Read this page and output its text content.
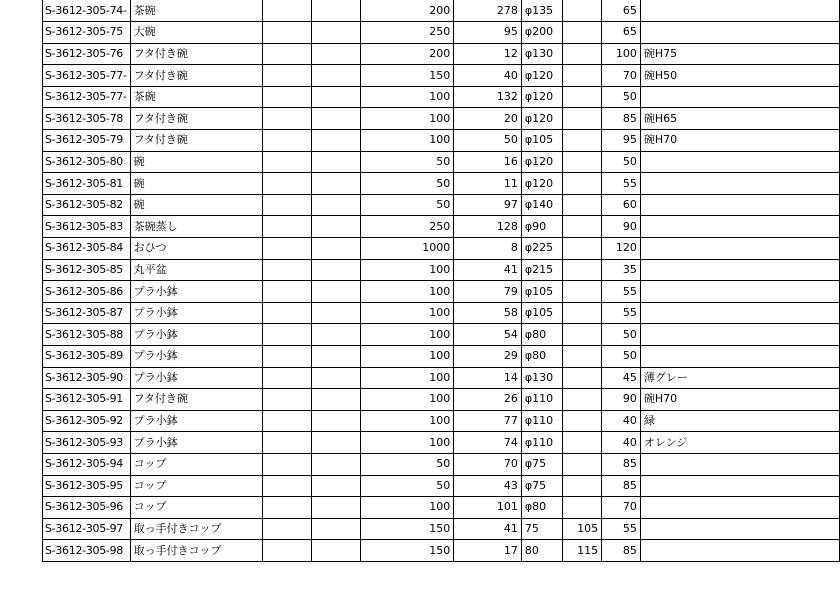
S-3612-305-74-	茶碗			200	278	φ135		65	
S-3612-305-75	大碗			250	95	φ200		65	
S-3612-305-76	フタ付き碗			200	12	φ130		100	碗H75
S-3612-305-77-	フタ付き碗			150	40	φ120		70	碗H50
S-3612-305-77-	茶碗			100	132	φ120		50	
S-3612-305-78	フタ付き碗			100	20	φ120		85	碗H65
S-3612-305-79	フタ付き碗			100	50	φ105		95	碗H70
S-3612-305-80	碗			50	16	φ120		50	
S-3612-305-81	碗			50	11	φ120		55	
S-3612-305-82	碗			50	97	φ140		60	
S-3612-305-83	茶碗蒸し			250	128	φ90		90	
S-3612-305-84	おひつ			1000	8	φ225		120	
S-3612-305-85	丸平盆			100	41	φ215		35	
S-3612-305-86	プラ小鉢			100	79	φ105		55	
S-3612-305-87	プラ小鉢			100	58	φ105		55	
S-3612-305-88	プラ小鉢			100	54	φ80		50	
S-3612-305-89	プラ小鉢			100	29	φ80		50	
S-3612-305-90	プラ小鉢			100	14	φ130		45	薄グレー
S-3612-305-91	フタ付き碗			100	26	φ110		90	碗H70
S-3612-305-92	プラ小鉢			100	77	φ110		40	緑
S-3612-305-93	プラ小鉢			100	74	φ110		40	オレンジ
S-3612-305-94	コップ			50	70	φ75		85	
S-3612-305-95	コップ			50	43	φ75		85	
S-3612-305-96	コップ			100	101	φ80		70	
S-3612-305-97	取っ手付きコップ			150	41	75	105	55	
S-3612-305-98	取っ手付きコップ			150	17	80	115	85	
